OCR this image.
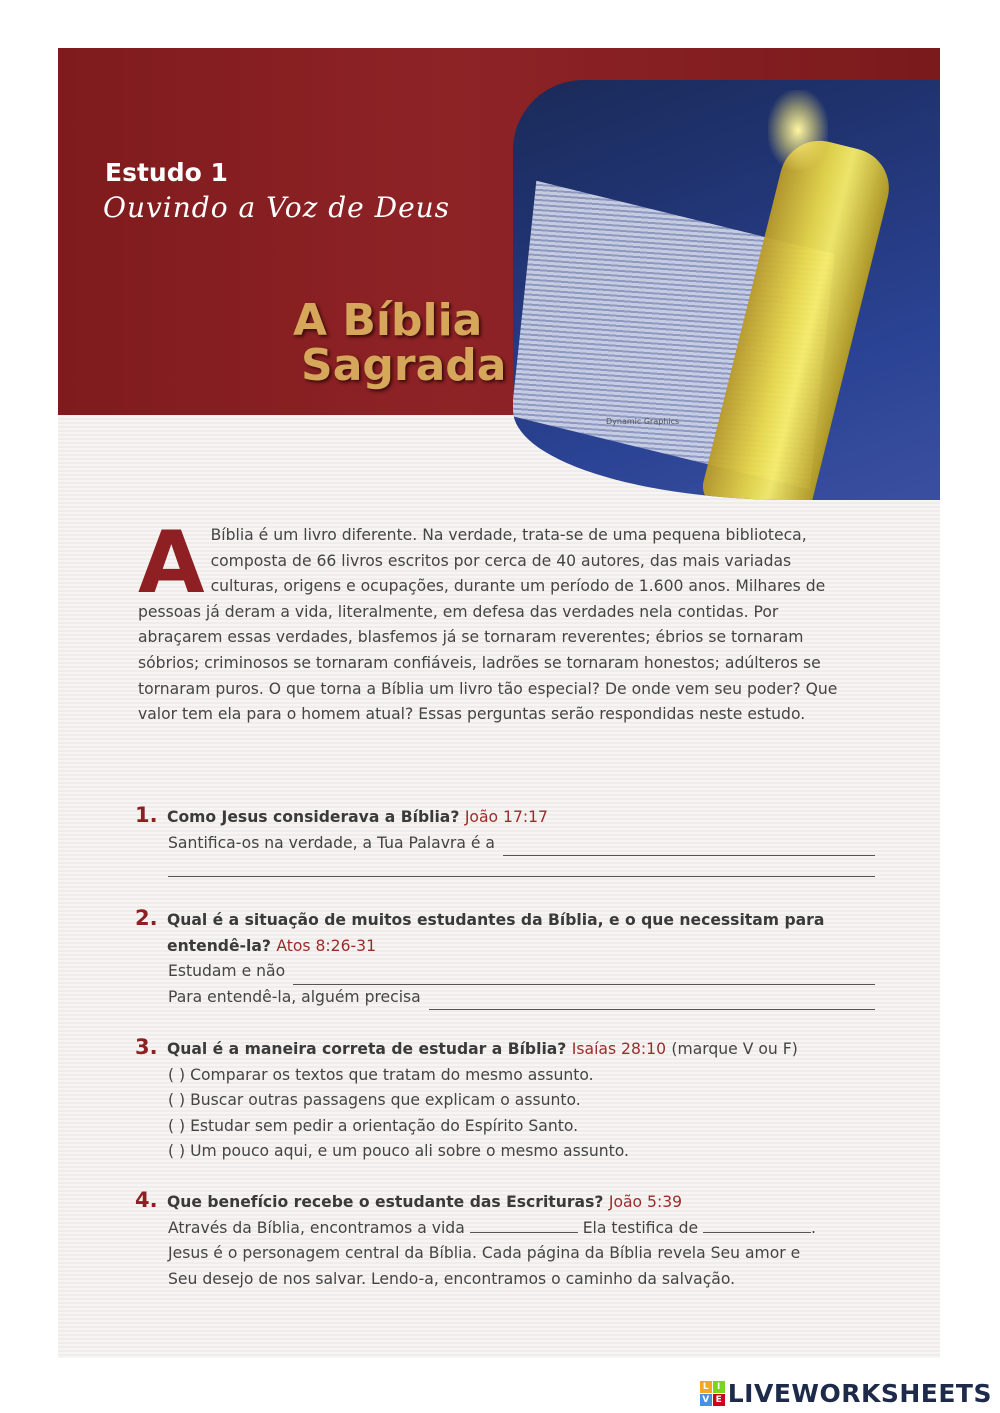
Dynamic Graphics
Estudo 1
Ouvindo a Voz de Deus
A Bíblia
Sagrada
A Bíblia é um livro diferente. Na verdade, trata-se de uma pequena biblioteca, composta de 66 livros escritos por cerca de 40 autores, das mais variadas culturas, origens e ocupações, durante um período de 1.600 anos. Milhares de pessoas já deram a vida, literalmente, em defesa das verdades nela contidas. Por abraçarem essas verdades, blasfemos já se tornaram reverentes; ébrios se tornaram sóbrios; criminosos se tornaram confiáveis, ladrões se tornaram honestos; adúlteros se tornaram puros. O que torna a Bíblia um livro tão especial? De onde vem seu poder? Que valor tem ela para o homem atual? Essas perguntas serão respondidas neste estudo.
1. Como Jesus considerava a Bíblia? João 17:17
Santifica-os na verdade, a Tua Palavra é a
2. Qual é a situação de muitos estudantes da Bíblia, e o que necessitam para
entendê-la? Atos 8:26-31
Estudam e não
Para entendê-la, alguém precisa
3. Qual é a maneira correta de estudar a Bíblia? Isaías 28:10 (marque V ou F)
( ) Comparar os textos que tratam do mesmo assunto.
( ) Buscar outras passagens que explicam o assunto.
( ) Estudar sem pedir a orientação do Espírito Santo.
( ) Um pouco aqui, e um pouco ali sobre o mesmo assunto.
4. Que benefício recebe o estudante das Escrituras? João 5:39
Através da Bíblia, encontramos a vida	Ela testifica de	.
Jesus é o personagem central da Bíblia. Cada página da Bíblia revela Seu amor e Seu desejo de nos salvar. Lendo-a, encontramos o caminho da salvação.
L I
V E LIVEWORKSHEETS
